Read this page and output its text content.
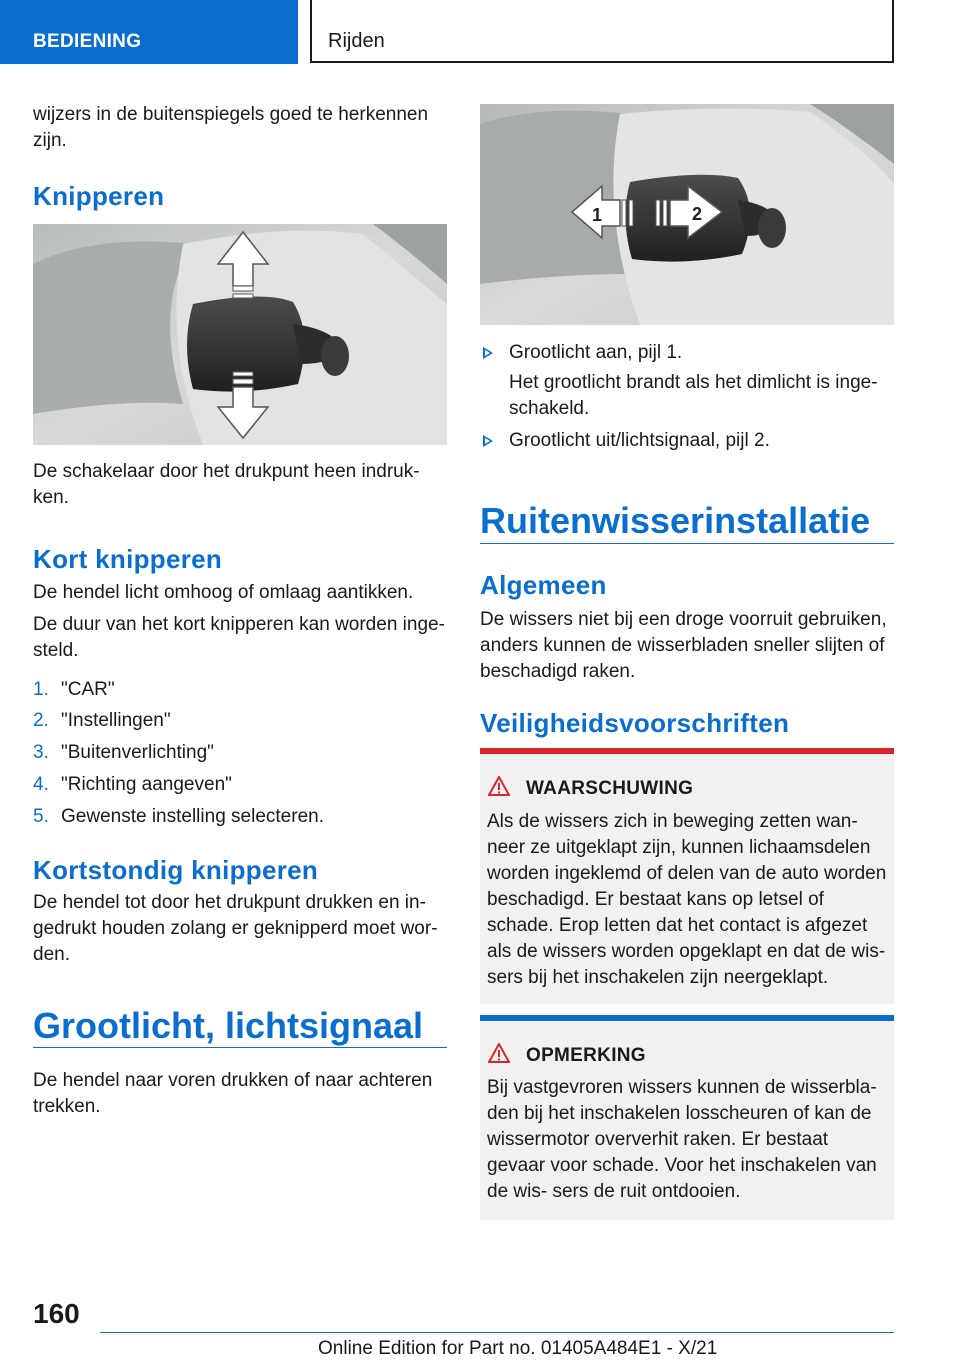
BEDIENING	Rijden

wijzers in de buitenspiegels goed te herkennen zijn.

Knipperen

De schakelaar door het drukpunt heen indruk- ken.

Kort knipperen

De hendel licht omhoog of omlaag aantikken.

De duur van het kort knipperen kan worden inge- steld.

1. "CAR"
2. "Instellingen"
3. "Buitenverlichting"
4. "Richting aangeven"
5. Gewenste instelling selecteren.
Kortstondig knipperen

De hendel tot door het drukpunt drukken en in- gedrukt houden zolang er geknipperd moet wor- den.

Grootlicht, lichtsignaal

De hendel naar voren drukken of naar achteren trekken.

1	2
Grootlicht aan, pijl 1.

Het grootlicht brandt als het dimlicht is inge- schakeld.

Grootlicht uit/lichtsignaal, pijl 2.
Ruitenwisserinstallatie
Algemeen

De wissers niet bij een droge voorruit gebruiken, anders kunnen de wisserbladen sneller slijten of beschadigd raken.

Veiligheidsvoorschriften
WAARSCHUWING

Als de wissers zich in beweging zetten wan- neer ze uitgeklapt zijn, kunnen lichaamsdelen worden ingeklemd of delen van de auto worden beschadigd. Er bestaat kans op letsel of schade. Erop letten dat het contact is afgezet als de wissers worden opgeklapt en dat de wis- sers bij het inschakelen zijn neergeklapt.

OPMERKING

Bij vastgevroren wissers kunnen de wisserbla- den bij het inschakelen losscheuren of kan de wissermotor oververhit raken. Er bestaat gevaar voor schade. Voor het inschakelen van de wis- sers de ruit ontdooien.

160
Online Edition for Part no. 01405A484E1 - X/21
